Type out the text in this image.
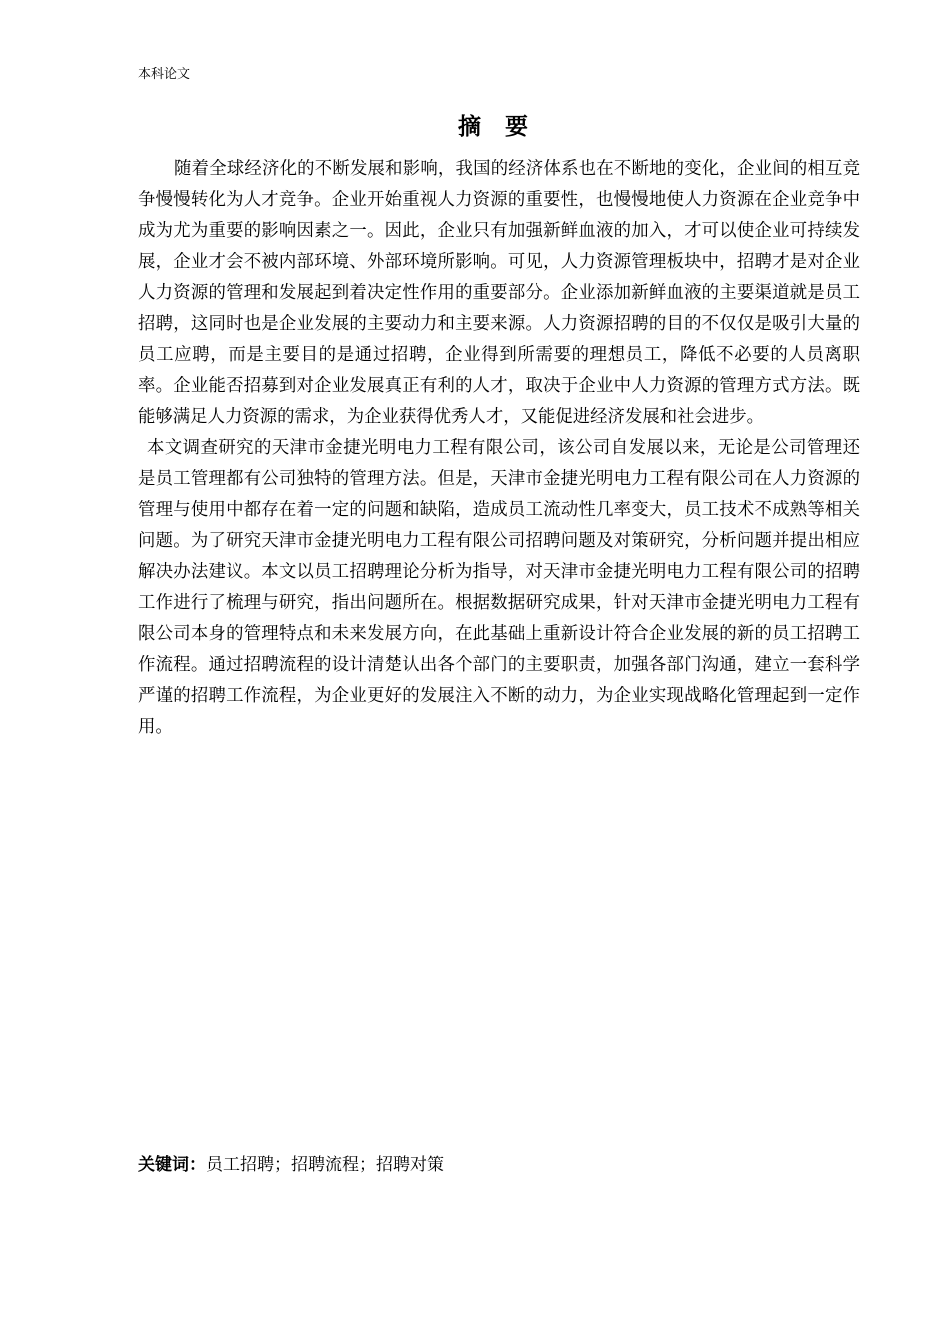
本科论文
摘 要

随着全球经济化的不断发展和影响，我国的经济体系也在不断地的变化，企业间的相互竞争慢慢转化为人才竞争。企业开始重视人力资源的重要性，也慢慢地使人力资源在企业竞争中成为尤为重要的影响因素之一。因此，企业只有加强新鲜血液的加入，才可以使企业可持续发展，企业才会不被内部环境、外部环境所影响。可见，人力资源管理板块中，招聘才是对企业人力资源的管理和发展起到着决定性作用的重要部分。企业添加新鲜血液的主要渠道就是员工招聘，这同时也是企业发展的主要动力和主要来源。人力资源招聘的目的不仅仅是吸引大量的员工应聘，而是主要目的是通过招聘，企业得到所需要的理想员工，降低不必要的人员离职率。企业能否招募到对企业发展真正有利的人才，取决于企业中人力资源的管理方式方法。既能够满足人力资源的需求，为企业获得优秀人才，又能促进经济发展和社会进步。

本文调查研究的天津市金捷光明电力工程有限公司，该公司自发展以来，无论是公司管理还是员工管理都有公司独特的管理方法。但是，天津市金捷光明电力工程有限公司在人力资源的管理与使用中都存在着一定的问题和缺陷，造成员工流动性几率变大，员工技术不成熟等相关问题。为了研究天津市金捷光明电力工程有限公司招聘问题及对策研究，分析问题并提出相应解决办法建议。本文以员工招聘理论分析为指导，对天津市金捷光明电力工程有限公司的招聘工作进行了梳理与研究，指出问题所在。根据数据研究成果，针对天津市金捷光明电力工程有限公司本身的管理特点和未来发展方向，在此基础上重新设计符合企业发展的新的员工招聘工作流程。通过招聘流程的设计清楚认出各个部门的主要职责，加强各部门沟通，建立一套科学严谨的招聘工作流程，为企业更好的发展注入不断的动力，为企业实现战略化管理起到一定作用。

关键词：员工招聘；招聘流程；招聘对策
